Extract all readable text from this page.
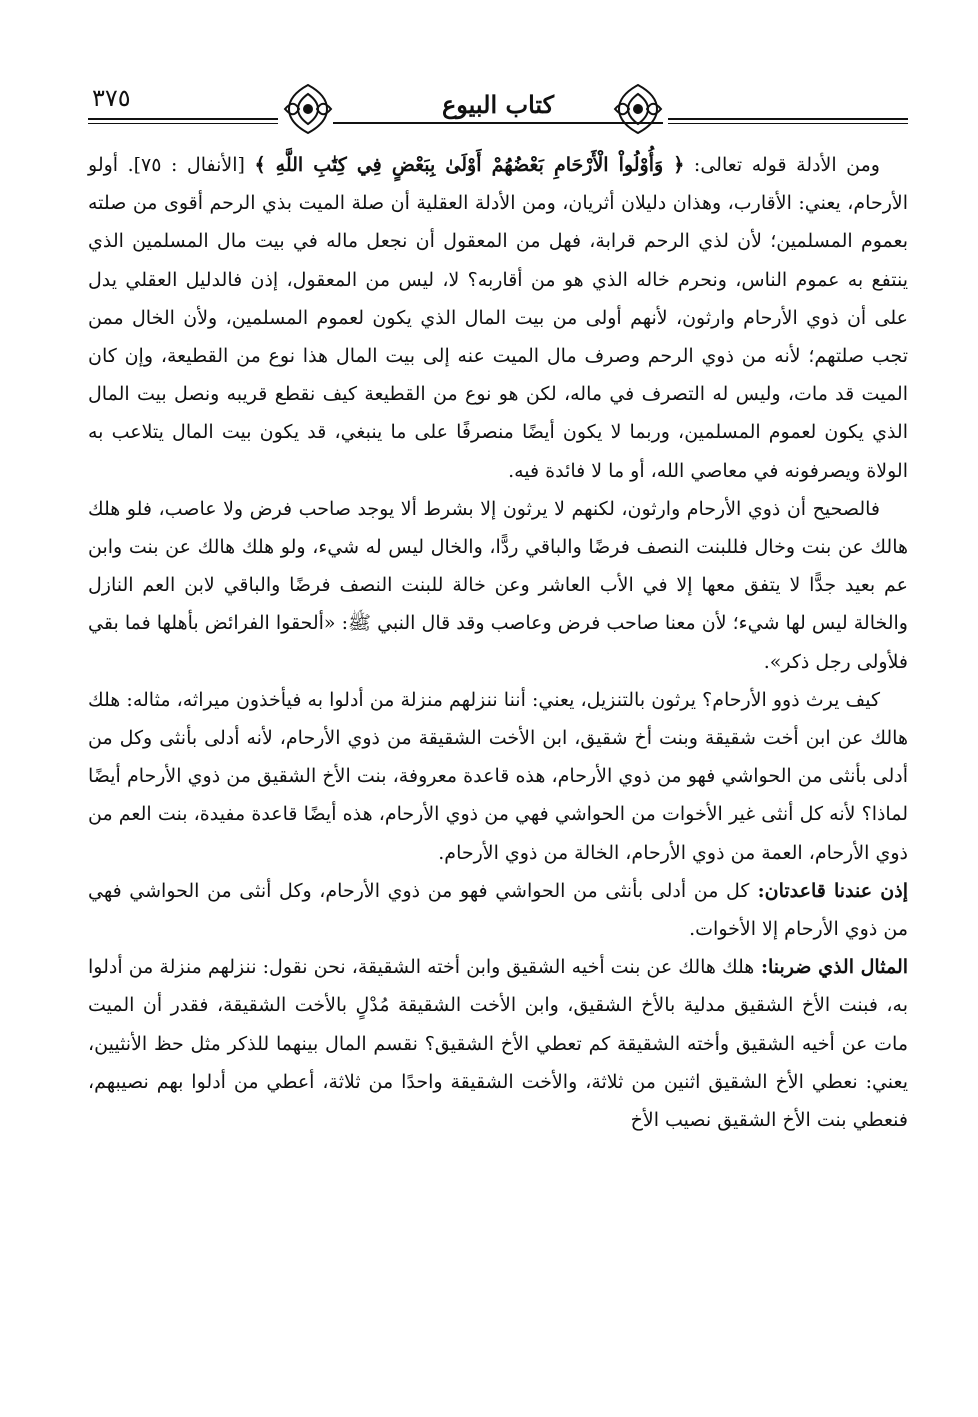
٣٧٥	كتاب البيوع

ومن الأدلة قوله تعالى: ﴿ وَأُوْلُواْ الْأَرْحَامِ بَعْضُهُمْ أَوْلَىٰ بِبَعْضٍ فِي كِتَٰبِ اللَّهِ ﴾ [الأنفال : ٧٥]. أولو الأرحام، يعني: الأقارب، وهذان دليلان أثريان، ومن الأدلة العقلية أن صلة الميت بذي الرحم أقوى من صلته بعموم المسلمين؛ لأن لذي الرحم قرابة، فهل من المعقول أن نجعل ماله في بيت مال المسلمين الذي ينتفع به عموم الناس، ونحرم خاله الذي هو من أقاربه؟ لا، ليس من المعقول، إذن فالدليل العقلي يدل على أن ذوي الأرحام وارثون، لأنهم أولى من بيت المال الذي يكون لعموم المسلمين، ولأن الخال ممن تجب صلتهم؛ لأنه من ذوي الرحم وصرف مال الميت عنه إلى بيت المال هذا نوع من القطيعة، وإن كان الميت قد مات، وليس له التصرف في ماله، لكن هو نوع من القطيعة كيف نقطع قريبه ونصل بيت المال الذي يكون لعموم المسلمين، وربما لا يكون أيضًا منصرفًا على ما ينبغي، قد يكون بيت المال يتلاعب به الولاة ويصرفونه في معاصي الله، أو ما لا فائدة فيه.

فالصحيح أن ذوي الأرحام وارثون، لكنهم لا يرثون إلا بشرط ألا يوجد صاحب فرض ولا عاصب، فلو هلك هالك عن بنت وخال فللبنت النصف فرضًا والباقي ردًّا، والخال ليس له شيء، ولو هلك هالك عن بنت وابن عم بعيد جدًّا لا يتفق معها إلا في الأب العاشر وعن خالة للبنت النصف فرضًا والباقي لابن العم النازل والخالة ليس لها شيء؛ لأن معنا صاحب فرض وعاصب وقد قال النبي ﷺ: «ألحقوا الفرائض بأهلها فما بقي فلأولى رجل ذكر».

كيف يرث ذوو الأرحام؟ يرثون بالتنزيل، يعني: أننا ننزلهم منزلة من أدلوا به فيأخذون ميراثه، مثاله: هلك هالك عن ابن أخت شقيقة وبنت أخ شقيق، ابن الأخت الشقيقة من ذوي الأرحام، لأنه أدلى بأنثى وكل من أدلى بأنثى من الحواشي فهو من ذوي الأرحام، هذه قاعدة معروفة، بنت الأخ الشقيق من ذوي الأرحام أيضًا لماذا؟ لأنه كل أنثى غير الأخوات من الحواشي فهي من ذوي الأرحام، هذه أيضًا قاعدة مفيدة، بنت العم من ذوي الأرحام، العمة من ذوي الأرحام، الخالة من ذوي الأرحام.

إذن عندنا قاعدتان: كل من أدلى بأنثى من الحواشي فهو من ذوي الأرحام، وكل أنثى من الحواشي فهي من ذوي الأرحام إلا الأخوات.

المثال الذي ضربنا: هلك هالك عن بنت أخيه الشقيق وابن أخته الشقيقة، نحن نقول: ننزلهم منزلة من أدلوا به، فبنت الأخ الشقيق مدلية بالأخ الشقيق، وابن الأخت الشقيقة مُدْلٍ بالأخت الشقيقة، فقدر أن الميت مات عن أخيه الشقيق وأخته الشقيقة كم تعطي الأخ الشقيق؟ نقسم المال بينهما للذكر مثل حظ الأنثيين، يعني: نعطي الأخ الشقيق اثنين من ثلاثة، والأخت الشقيقة واحدًا من ثلاثة، أعطي من أدلوا بهم نصيبهم، فنعطي بنت الأخ الشقيق نصيب الأخ
